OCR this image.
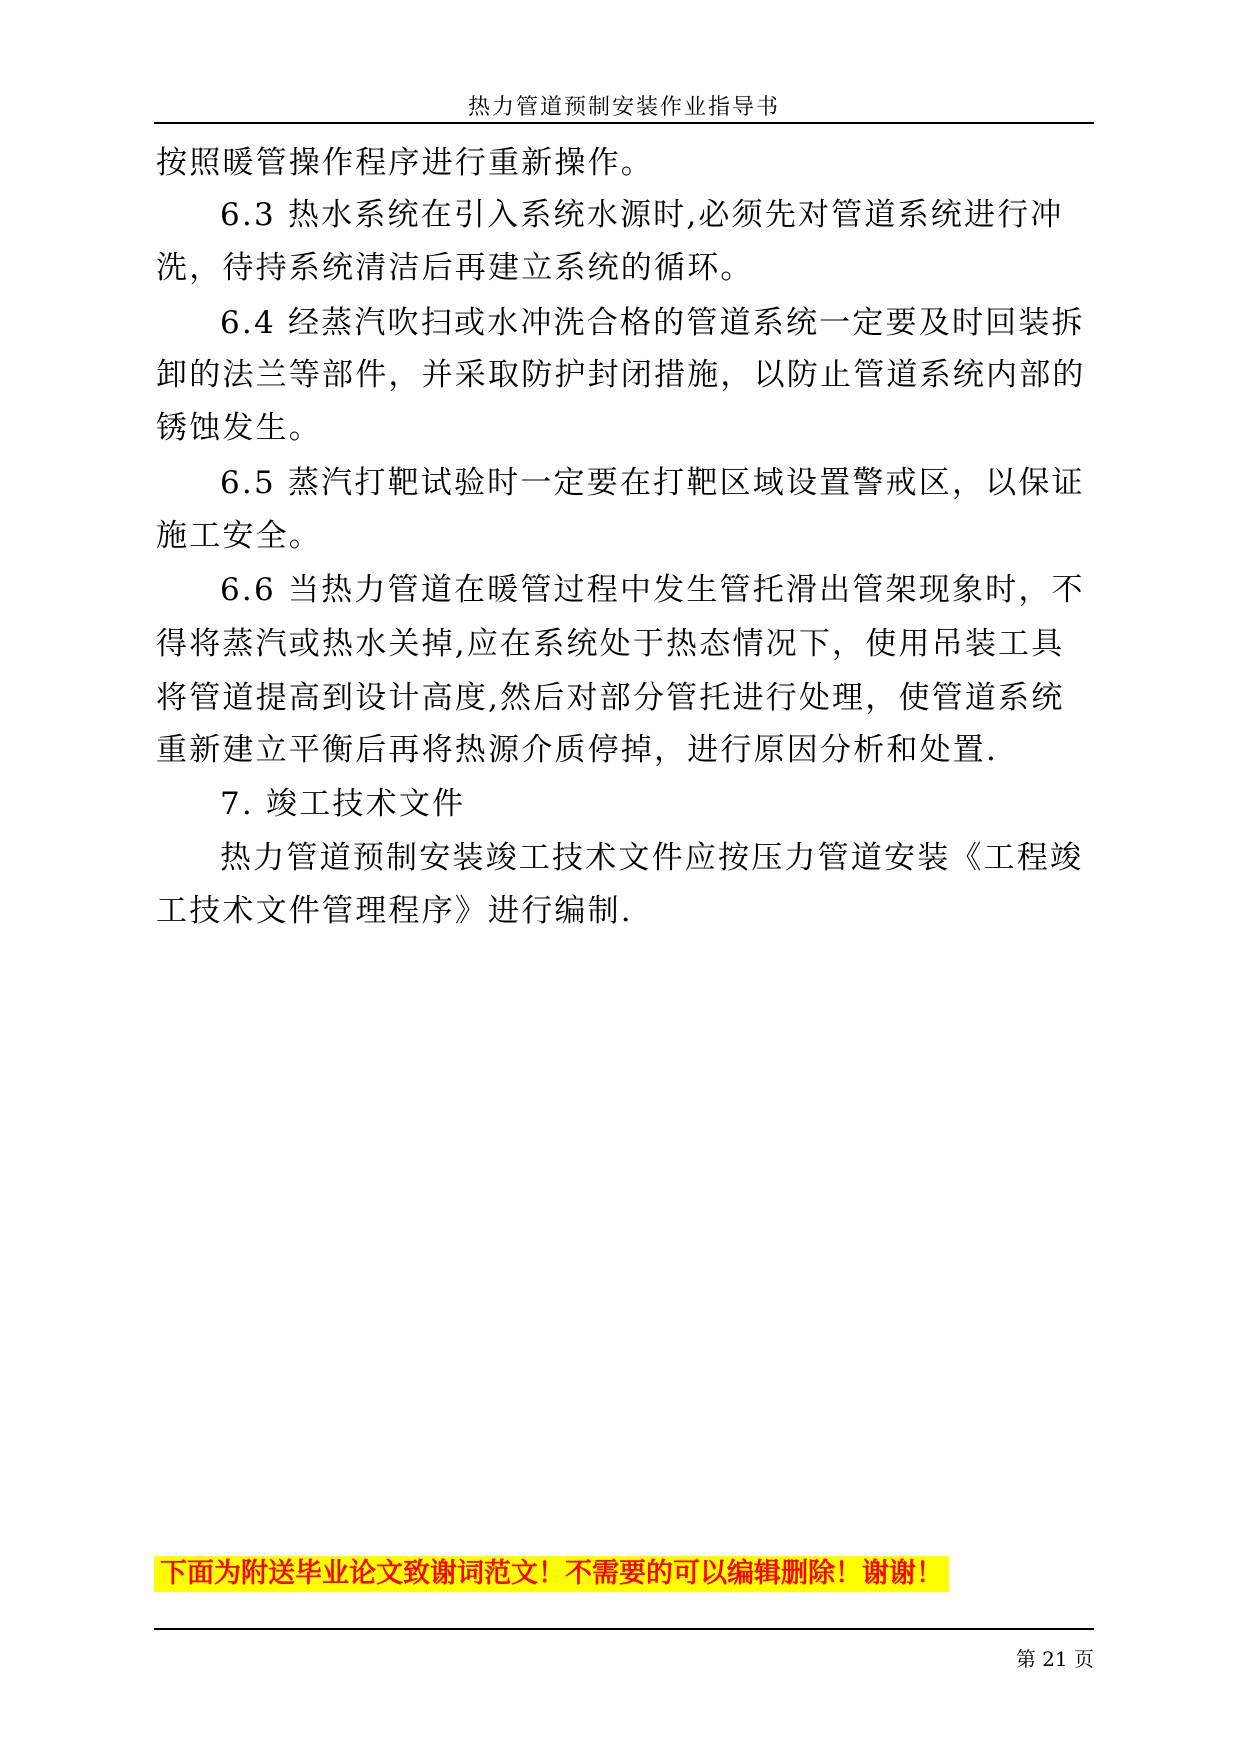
热力管道预制安装作业指导书
按照暖管操作程序进行重新操作。
6.3 热水系统在引入系统水源时,必须先对管道系统进行冲
洗，待持系统清洁后再建立系统的循环。
6.4 经蒸汽吹扫或水冲洗合格的管道系统一定要及时回装拆
卸的法兰等部件，并采取防护封闭措施，以防止管道系统内部的
锈蚀发生。
6.5 蒸汽打靶试验时一定要在打靶区域设置警戒区，以保证
施工安全。
6.6 当热力管道在暖管过程中发生管托滑出管架现象时，不
得将蒸汽或热水关掉,应在系统处于热态情况下，使用吊装工具
将管道提高到设计高度,然后对部分管托进行处理，使管道系统
重新建立平衡后再将热源介质停掉，进行原因分析和处置.
7. 竣工技术文件
热力管道预制安装竣工技术文件应按压力管道安装《工程竣
工技术文件管理程序》进行编制.
下面为附送毕业论文致谢词范文！不需要的可以编辑删除！谢谢！
第 21 页
